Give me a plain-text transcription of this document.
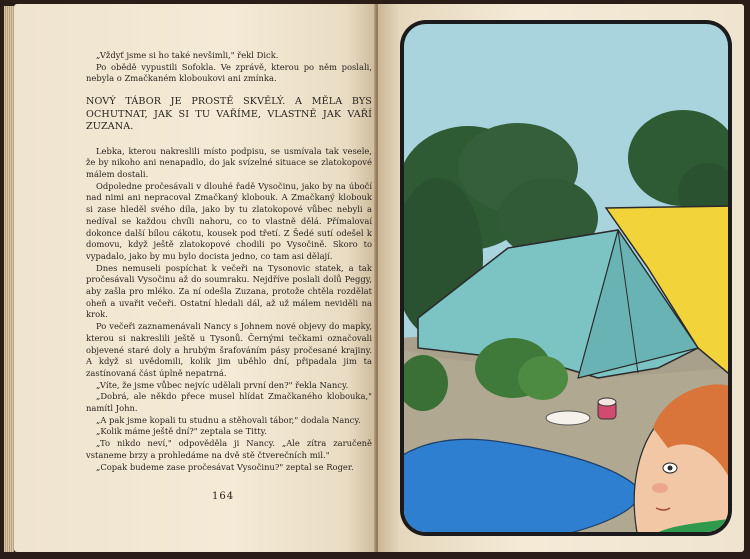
„Vždyť jsme si ho také nevšimli," řekl Dick.

Po obědě vypustili Sofokla. Ve zprávě, kterou po něm poslali, nebyla o Zmačkaném kloboukovi ani zmínka.

NOVÝ TÁBOR JE PROSTĚ SKVĚLÝ. A MĚLA BYS OCHUTNAT, JAK SI TU VAŘÍME, VLASTNĚ JAK VAŘÍ ZUZANA.

Lebka, kterou nakreslili místo podpisu, se usmívala tak vesele, že by nikoho ani nenapadlo, do jak svízelné situace se zlatokopové málem dostali.

Odpoledne pročesávali v dlouhé řadě Vysočinu, jako by na úbočí nad nimi ani nepracoval Zmačkaný klobouk. A Zmačkaný klobouk si zase hleděl svého díla, jako by tu zlatokopové vůbec nebyli a nedíval se každou chvíli nahoru, co to vlastně dělá. Přímalovaí dokonce další bílou cákotu, kousek pod třetí. Z Šedé sutí odešel k domovu, když ještě zlatokopové chodili po Vysočině. Skoro to vypadalo, jako by mu bylo docista jedno, co tam asi dělají.

Dnes nemuseli pospíchat k večeři na Tysonovic statek, a tak pročesávali Vysočinu až do soumraku. Nejdříve poslali dolů Peggy, aby zašla pro mléko. Za ní odešla Zuzana, protože chtěla rozdělat oheň a uvařit večeři. Ostatní hledali dál, až už málem neviděli na krok.

Po večeři zaznamenávali Nancy s Johnem nové objevy do mapky, kterou si nakreslili ještě u Tysonů. Černými tečkami označovali objevené staré doly a hrubým šrafováním pásy pročesané krajiny. A když si uvědomili, kolik jim uběhlo dní, připadala jim ta zastínovaná část úplně nepatrná.

„Víte, že jsme vůbec nejvíc udělali první den?" řekla Nancy.

„Dobrá, ale někdo přece musel hlídat Zmačkaného klobouka," namítl John.

„A pak jsme kopali tu studnu a stěhovali tábor," dodala Nancy.

„Kolik máme ještě dní?" zeptala se Titty.

„To nikdo neví," odpověděla ji Nancy. „Ale zítra zaručeně vstaneme brzy a prohledáme na dvě stě čtverečních mil."

„Copak budeme zase pročesávat Vysočinu?" zeptal se Roger.

164
